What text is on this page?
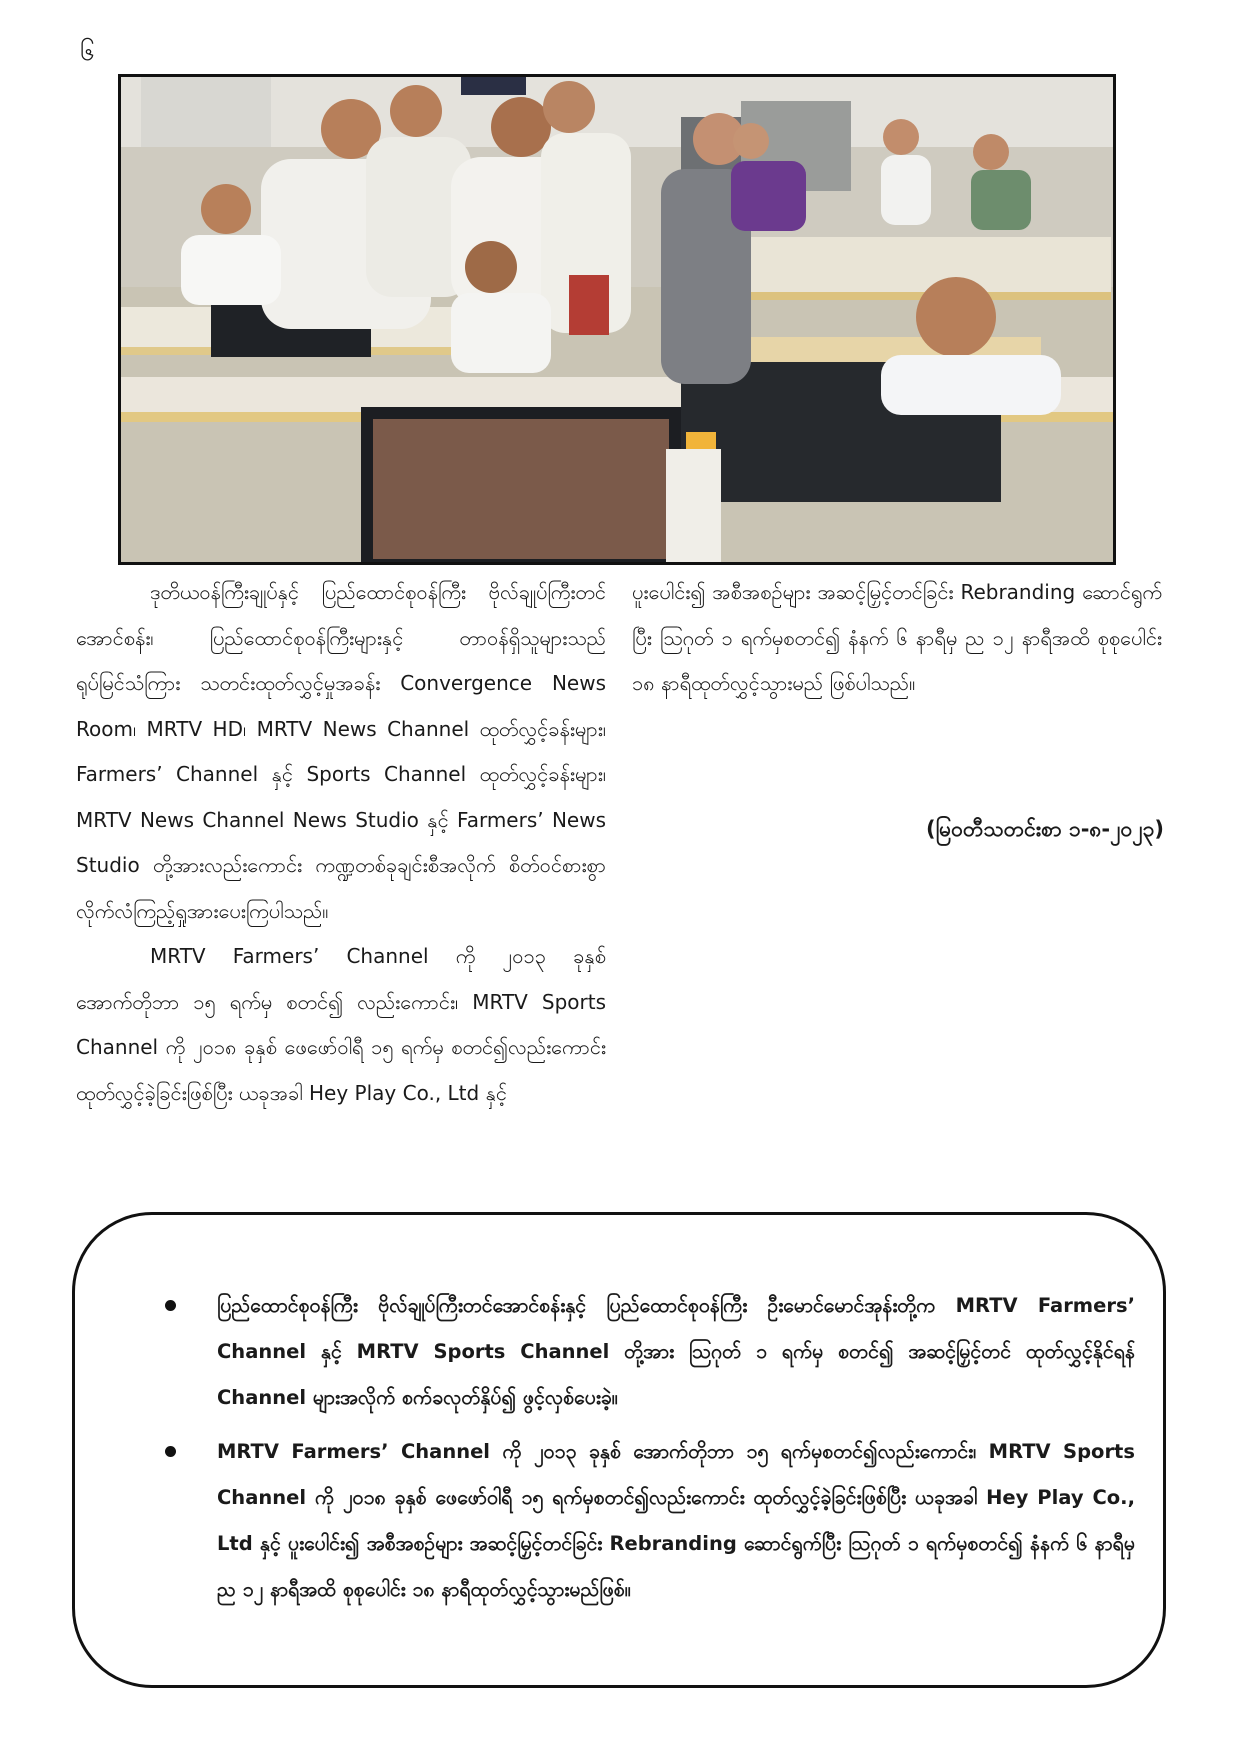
၆

ဒုတိယဝန်ကြီးချုပ်နှင့် ပြည်ထောင်စုဝန်ကြီး ဗိုလ်ချုပ်ကြီးတင်အောင်စန်း၊ ပြည်ထောင်စုဝန်ကြီးများနှင့် တာဝန်ရှိသူများသည် ရုပ်မြင်သံကြား သတင်းထုတ်လွှင့်မှုအခန်း Convergence News Room၊ MRTV HD၊ MRTV News Channel ထုတ်လွှင့်ခန်းများ၊ Farmers’ Channel နှင့် Sports Channel ထုတ်လွှင့်ခန်းများ၊ MRTV News Channel News Studio နှင့် Farmers’ News Studio တို့အားလည်းကောင်း ကဏ္ဍတစ်ခုချင်းစီအလိုက် စိတ်ဝင်စားစွာ လိုက်လံကြည့်ရှုအားပေးကြပါသည်။

MRTV Farmers’ Channel ကို ၂၀၁၃ ခုနှစ် အောက်တိုဘာ ၁၅ ရက်မှ စတင်၍ လည်းကောင်း၊ MRTV Sports Channel ကို ၂၀၁၈ ခုနှစ် ဖေဖော်ဝါရီ ၁၅ ရက်မှ စတင်၍လည်းကောင်း ထုတ်လွှင့်ခဲ့ခြင်းဖြစ်ပြီး ယခုအခါ Hey Play Co., Ltd နှင့်

ပူးပေါင်း၍ အစီအစဉ်များ အဆင့်မြှင့်တင်ခြင်း Rebranding ဆောင်ရွက်ပြီး ဩဂုတ် ၁ ရက်မှစတင်၍ နံနက် ၆ နာရီမှ ည ၁၂ နာရီအထိ စုစုပေါင်း ၁၈ နာရီထုတ်လွှင့်သွားမည် ဖြစ်ပါသည်။

(မြဝတီသတင်းစာ ၁-၈-၂၀၂၃)
ပြည်ထောင်စုဝန်ကြီး ဗိုလ်ချုပ်ကြီးတင်အောင်စန်းနှင့် ပြည်ထောင်စုဝန်ကြီး ဦးမောင်မောင်အုန်းတို့က MRTV Farmers’ Channel နှင့် MRTV Sports Channel တို့အား ဩဂုတ် ၁ ရက်မှ စတင်၍ အဆင့်မြှင့်တင် ထုတ်လွှင့်နိုင်ရန် Channel များအလိုက် စက်ခလုတ်နှိပ်၍ ဖွင့်လှစ်ပေးခဲ့။
MRTV Farmers’ Channel ကို ၂၀၁၃ ခုနှစ် အောက်တိုဘာ ၁၅ ရက်မှစတင်၍လည်းကောင်း၊ MRTV Sports Channel ကို ၂၀၁၈ ခုနှစ် ဖေဖော်ဝါရီ ၁၅ ရက်မှစတင်၍လည်းကောင်း ထုတ်လွှင့်ခဲ့ခြင်းဖြစ်ပြီး ယခုအခါ Hey Play Co., Ltd နှင့် ပူးပေါင်း၍ အစီအစဉ်များ အဆင့်မြှင့်တင်ခြင်း Rebranding ဆောင်ရွက်ပြီး ဩဂုတ် ၁ ရက်မှစတင်၍ နံနက် ၆ နာရီမှ ည ၁၂ နာရီအထိ စုစုပေါင်း ၁၈ နာရီထုတ်လွှင့်သွားမည်ဖြစ်။
